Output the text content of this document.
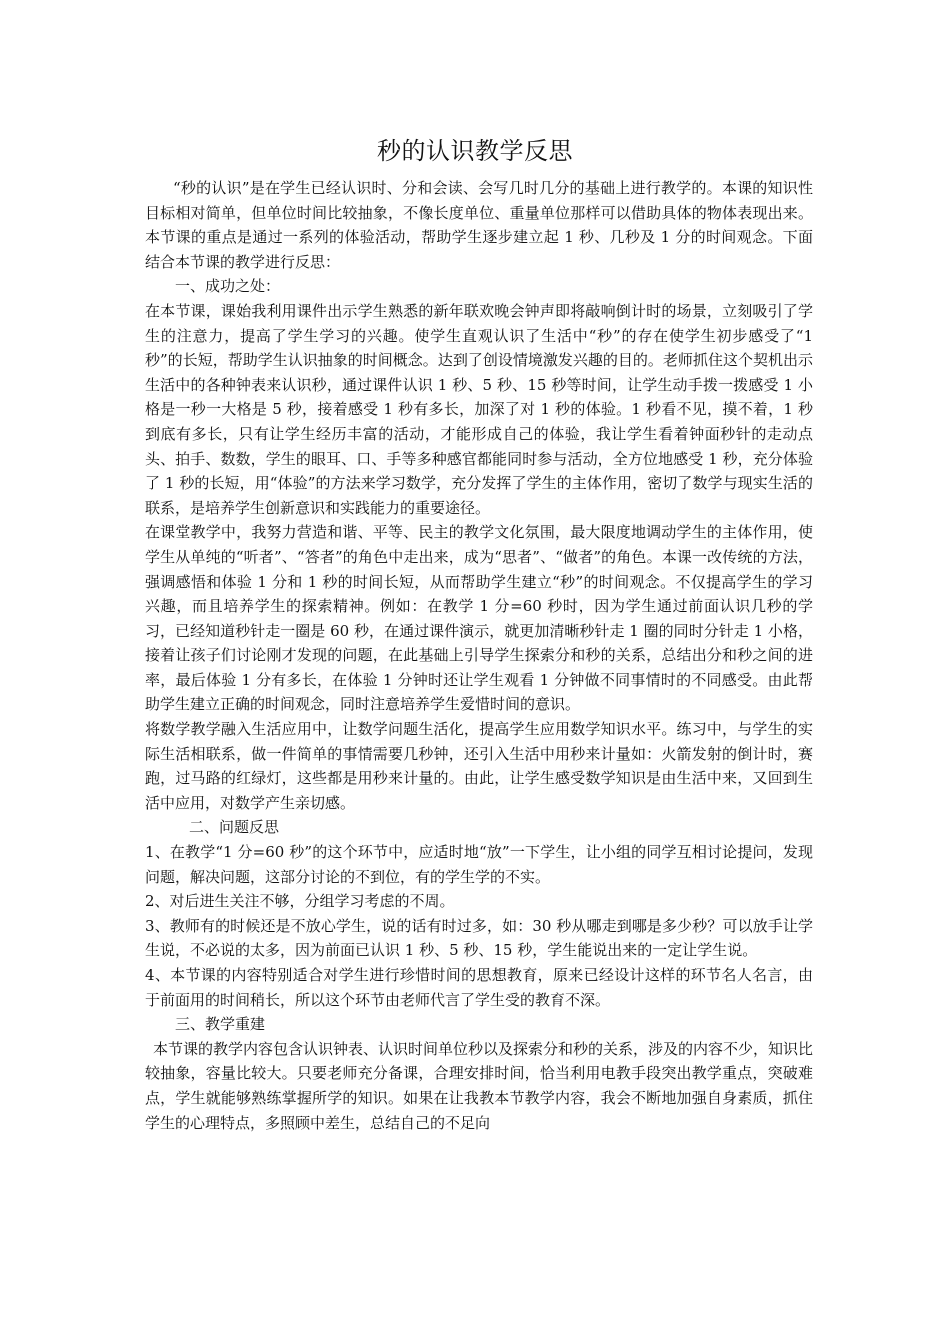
秒的认识教学反思

“秒的认识”是在学生已经认识时、分和会读、会写几时几分的基础上进行教学的。本课的知识性目标相对简单，但单位时间比较抽象，不像长度单位、重量单位那样可以借助具体的物体表现出来。本节课的重点是通过一系列的体验活动，帮助学生逐步建立起 1 秒、几秒及 1 分的时间观念。下面结合本节课的教学进行反思：

一、成功之处：

在本节课，课始我利用课件出示学生熟悉的新年联欢晚会钟声即将敲响倒计时的场景，立刻吸引了学生的注意力，提高了学生学习的兴趣。使学生直观认识了生活中“秒”的存在使学生初步感受了“1 秒”的长短，帮助学生认识抽象的时间概念。达到了创设情境激发兴趣的目的。老师抓住这个契机出示生活中的各种钟表来认识秒，通过课件认识 1 秒、5 秒、15 秒等时间，让学生动手拨一拨感受 1 小格是一秒一大格是 5 秒，接着感受 1 秒有多长，加深了对 1 秒的体验。1 秒看不见，摸不着，1 秒到底有多长，只有让学生经历丰富的活动，才能形成自己的体验，我让学生看着钟面秒针的走动点头、拍手、数数，学生的眼耳、口、手等多种感官都能同时参与活动，全方位地感受 1 秒，充分体验了 1 秒的长短，用“体验”的方法来学习数学，充分发挥了学生的主体作用，密切了数学与现实生活的联系，是培养学生创新意识和实践能力的重要途径。

在课堂教学中，我努力营造和谐、平等、民主的教学文化氛围，最大限度地调动学生的主体作用，使学生从单纯的“听者”、“答者”的角色中走出来，成为“思者”、“做者”的角色。本课一改传统的方法，强调感悟和体验 1 分和 1 秒的时间长短，从而帮助学生建立“秒”的时间观念。不仅提高学生的学习兴趣，而且培养学生的探索精神。例如：在教学 1 分=60 秒时，因为学生通过前面认识几秒的学习，已经知道秒针走一圈是 60 秒，在通过课件演示，就更加清晰秒针走 1 圈的同时分针走 1 小格，接着让孩子们讨论刚才发现的问题，在此基础上引导学生探索分和秒的关系，总结出分和秒之间的进率，最后体验 1 分有多长，在体验 1 分钟时还让学生观看 1 分钟做不同事情时的不同感受。由此帮助学生建立正确的时间观念，同时注意培养学生爱惜时间的意识。

将数学教学融入生活应用中，让数学问题生活化，提高学生应用数学知识水平。练习中，与学生的实际生活相联系，做一件简单的事情需要几秒钟，还引入生活中用秒来计量如：火箭发射的倒计时，赛跑，过马路的红绿灯，这些都是用秒来计量的。由此，让学生感受数学知识是由生活中来，又回到生活中应用，对数学产生亲切感。

二、问题反思

1、在教学“1 分=60 秒”的这个环节中，应适时地“放”一下学生，让小组的同学互相讨论提问，发现问题，解决问题，这部分讨论的不到位，有的学生学的不实。

2、对后进生关注不够，分组学习考虑的不周。

3、教师有的时候还是不放心学生，说的话有时过多，如：30 秒从哪走到哪是多少秒？可以放手让学生说，不必说的太多，因为前面已认识 1 秒、5 秒、15 秒，学生能说出来的一定让学生说。

4、本节课的内容特别适合对学生进行珍惜时间的思想教育，原来已经设计这样的环节名人名言，由于前面用的时间稍长，所以这个环节由老师代言了学生受的教育不深。

三、教学重建

本节课的教学内容包含认识钟表、认识时间单位秒以及探索分和秒的关系，涉及的内容不少，知识比较抽象，容量比较大。只要老师充分备课，合理安排时间，恰当利用电教手段突出教学重点，突破难点，学生就能够熟练掌握所学的知识。如果在让我教本节教学内容，我会不断地加强自身素质，抓住学生的心理特点，多照顾中差生，总结自己的不足向
